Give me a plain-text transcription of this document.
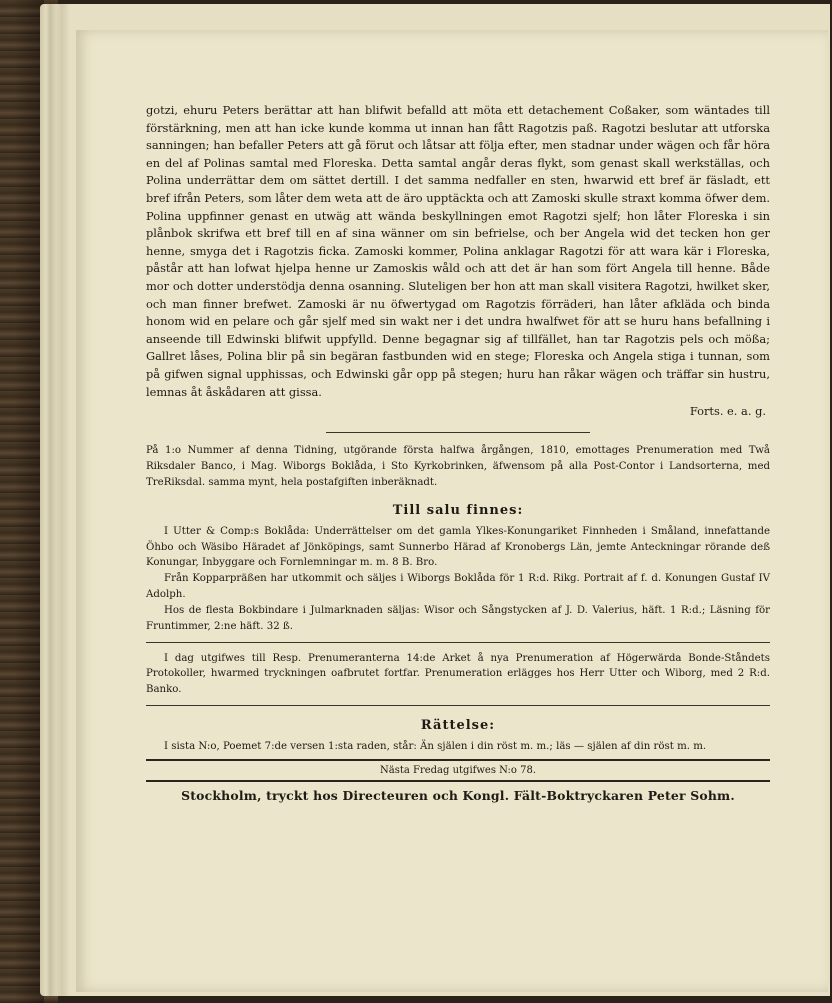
gotzi, ehuru Peters berättar att han blifwit befalld att möta ett detachement Coßaker, som wäntades till förstärkning, men att han icke kunde komma ut innan han fått Ragotzis paß. Ragotzi beslutar att utforska sanningen; han befaller Peters att gå förut och låtsar att följa efter, men stadnar under wägen och får höra en del af Polinas samtal med Floreska. Detta samtal angår deras flykt, som genast skall werkställas, och Polina underrättar dem om sättet dertill. I det samma nedfaller en sten, hwarwid ett bref är fäsladt, ett bref ifrån Peters, som låter dem weta att de äro upptäckta och att Zamoski skulle straxt komma öfwer dem. Polina uppfinner genast en utwäg att wända beskyllningen emot Ragotzi sjelf; hon låter Floreska i sin plånbok skrifwa ett bref till en af sina wänner om sin befrielse, och ber Angela wid det tecken hon ger henne, smyga det i Ragotzis ficka. Zamoski kommer, Polina anklagar Ragotzi för att wara kär i Floreska, påstår att han lofwat hjelpa henne ur Zamoskis wåld och att det är han som fört Angela till henne. Både mor och dotter understödja denna osanning. Sluteligen ber hon att man skall visitera Ragotzi, hwilket sker, och man finner brefwet. Zamoski är nu öfwertygad om Ragotzis förräderi, han låter afkläda och binda honom wid en pelare och går sjelf med sin wakt ner i det undra hwalfwet för att se huru hans befallning i anseende till Edwinski blifwit uppfylld. Denne begagnar sig af tillfället, han tar Ragotzis pels och mößa; Gallret låses, Polina blir på sin begäran fastbunden wid en stege; Floreska och Angela stiga i tunnan, som på gifwen signal upphissas, och Edwinski går opp på stegen; huru han råkar wägen och träffar sin hustru, lemnas åt åskådaren att gissa.

Forts. e. a. g.

På 1:o Nummer af denna Tidning, utgörande första halfwa årgången, 1810, emottages Prenumeration med Twå Riksdaler Banco, i Mag. Wiborgs Boklåda, i Sto Kyrkobrinken, äfwensom på alla Post-Contor i Landsorterna, med TreRiksdal. samma mynt, hela postafgiften inberäknadt.

Till salu finnes:

I Utter & Comp:s Boklåda: Underrättelser om det gamla Ylkes-Konungariket Finnheden i Småland, innefattande Öhbo och Wäsibo Häradet af Jönköpings, samt Sunnerbo Härad af Kronobergs Län, jemte Anteckningar rörande deß Konungar, Inbyggare och Fornlemningar m. m. 8 B. Bro.

Från Kopparpräßen har utkommit och säljes i Wiborgs Boklåda för 1 R:d. Rikg. Portrait af f. d. Konungen Gustaf IV Adolph.

Hos de flesta Bokbindare i Julmarknaden säljas: Wisor och Sångstycken af J. D. Valerius, häft. 1 R:d.; Läsning för Fruntimmer, 2:ne häft. 32 ß.

I dag utgifwes till Resp. Prenumeranterna 14:de Arket å nya Prenumeration af Högerwärda Bonde-Ståndets Protokoller, hwarmed tryckningen oafbrutet fortfar. Prenumeration erlägges hos Herr Utter och Wiborg, med 2 R:d. Banko.

Rättelse:

I sista N:o, Poemet 7:de versen 1:sta raden, står: Än själen i din röst m. m.; läs — själen af din röst m. m.

Nästa Fredag utgifwes N:o 78.
Stockholm, tryckt hos Directeuren och Kongl. Fält-Boktryckaren Peter Sohm.
